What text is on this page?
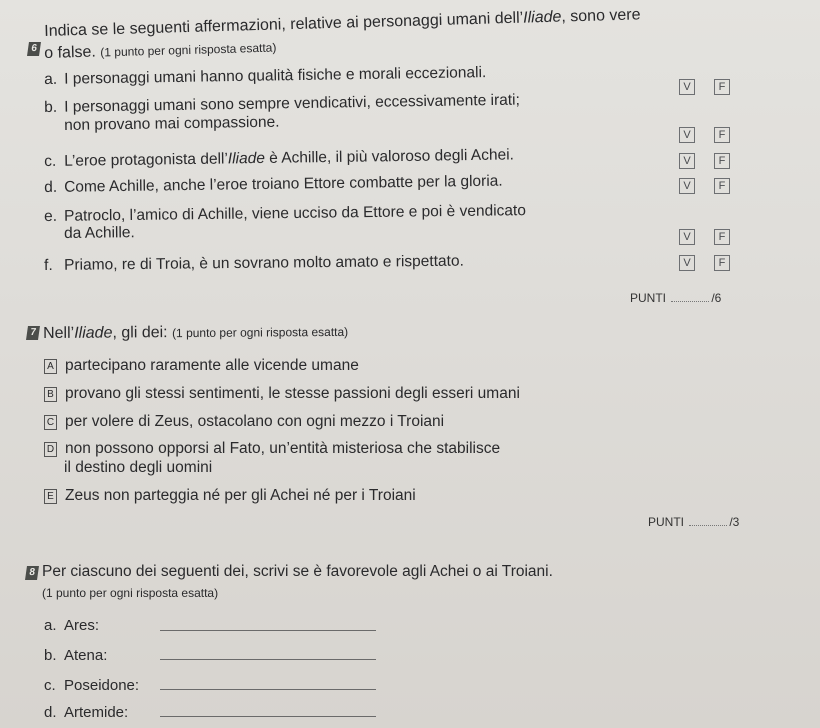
6
Indica se le seguenti affermazioni, relative ai personaggi umani dell’Iliade, sono vere
o false. (1 punto per ogni risposta esatta)
a. I personaggi umani hanno qualità fisiche e morali eccezionali.	V	F
b. I personaggi umani sono sempre vendicativi, eccessivamente irati;
non provano mai compassione.
V	F
c. L’eroe protagonista dell’Iliade è Achille, il più valoroso degli Achei.	V	F
d. Come Achille, anche l’eroe troiano Ettore combatte per la gloria.	V	F
e. Patroclo, l’amico di Achille, viene ucciso da Ettore e poi è vendicato
da Achille.	V	F
f. Priamo, re di Troia, è un sovrano molto amato e rispettato.	V	F
PUNTI	/6
7 Nell’Iliade, gli dei: (1 punto per ogni risposta esatta)
A partecipano raramente alle vicende umane
B provano gli stessi sentimenti, le stesse passioni degli esseri umani
C per volere di Zeus, ostacolano con ogni mezzo i Troiani
D non possono opporsi al Fato, un’entità misteriosa che stabilisce
il destino degli uomini
E Zeus non parteggia né per gli Achei né per i Troiani
PUNTI	/3
8 Per ciascuno dei seguenti dei, scrivi se è favorevole agli Achei o ai Troiani.
(1 punto per ogni risposta esatta)
a. Ares:
b. Atena:
c. Poseidone:
d. Artemide:
